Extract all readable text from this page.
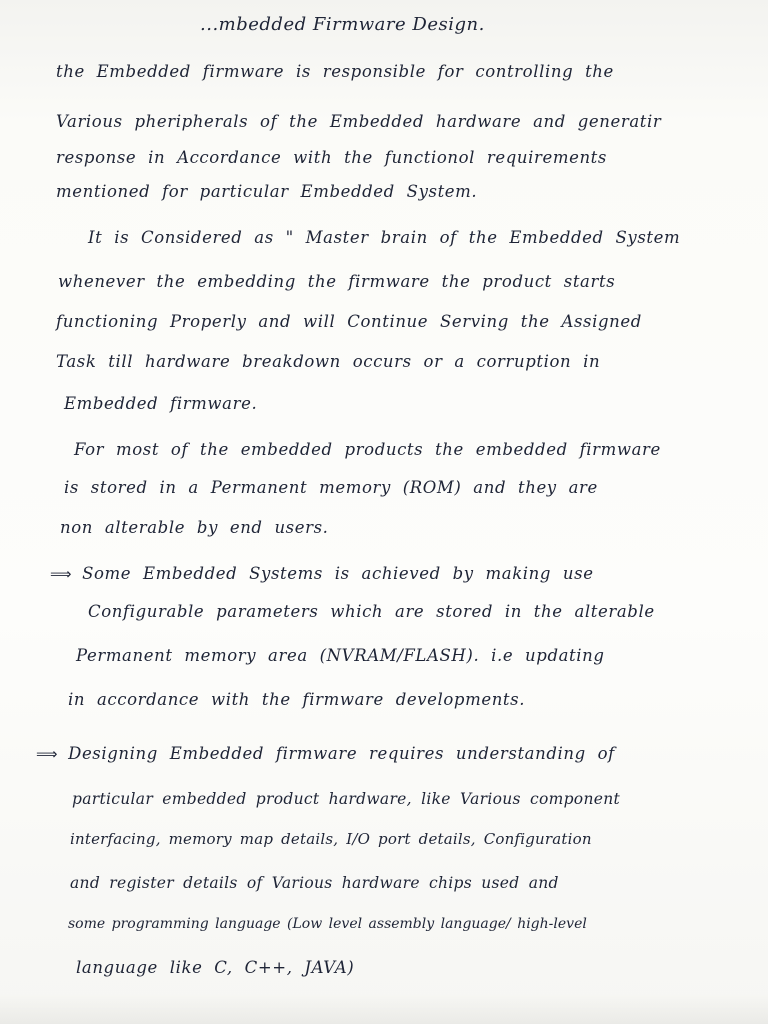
...mbedded Firmware Design.
the Embedded firmware is responsible for controlling the
Various pheripherals of the Embedded hardware and generatir
response in Accordance with the functionol requirements
mentioned for particular Embedded System.
It is Considered as " Master brain of the Embedded System
whenever the embedding the firmware the product starts
functioning Properly and will Continue Serving the Assigned
Task till hardware breakdown occurs or a corruption in
Embedded firmware.
For most of the embedded products the embedded firmware
is stored in a Permanent memory (ROM) and they are
non alterable by end users.
⟹ Some Embedded Systems is achieved by making use
Configurable parameters which are stored in the alterable
Permanent memory area (NVRAM/FLASH). i.e updating
in accordance with the firmware developments.
⟹ Designing Embedded firmware requires understanding of
particular embedded product hardware, like Various component
interfacing, memory map details, I/O port details, Configuration
and register details of Various hardware chips used and
some programming language (Low level assembly language/ high-level
language like C, C++, JAVA)
